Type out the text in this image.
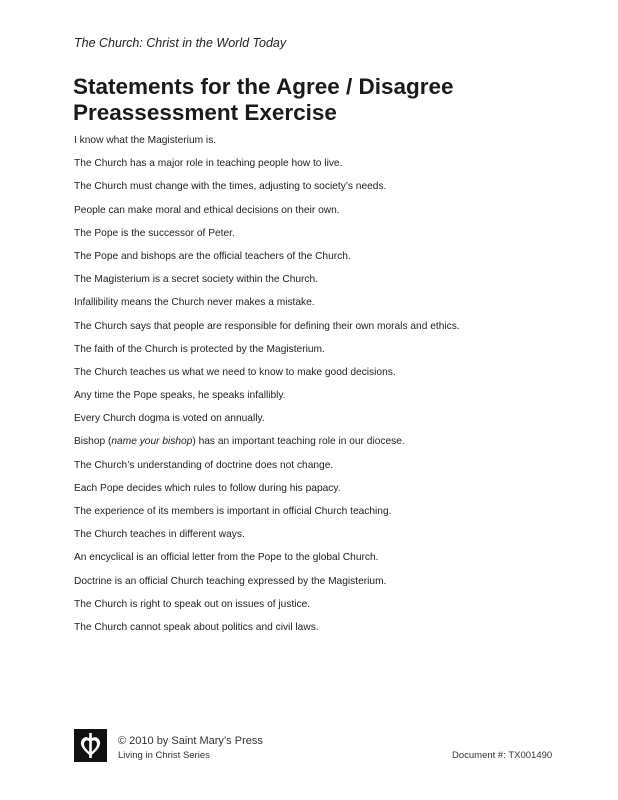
The Church: Christ in the World Today
Statements for the Agree / Disagree Preassessment Exercise
I know what the Magisterium is.
The Church has a major role in teaching people how to live.
The Church must change with the times, adjusting to society’s needs.
People can make moral and ethical decisions on their own.
The Pope is the successor of Peter.
The Pope and bishops are the official teachers of the Church.
The Magisterium is a secret society within the Church.
Infallibility means the Church never makes a mistake.
The Church says that people are responsible for defining their own morals and ethics.
The faith of the Church is protected by the Magisterium.
The Church teaches us what we need to know to make good decisions.
Any time the Pope speaks, he speaks infallibly.
Every Church dogma is voted on annually.
Bishop (name your bishop) has an important teaching role in our diocese.
The Church’s understanding of doctrine does not change.
Each Pope decides which rules to follow during his papacy.
The experience of its members is important in official Church teaching.
The Church teaches in different ways.
An encyclical is an official letter from the Pope to the global Church.
Doctrine is an official Church teaching expressed by the Magisterium.
The Church is right to speak out on issues of justice.
The Church cannot speak about politics and civil laws.
© 2010 by Saint Mary’s Press
Living in Christ Series	Document #: TX001490
